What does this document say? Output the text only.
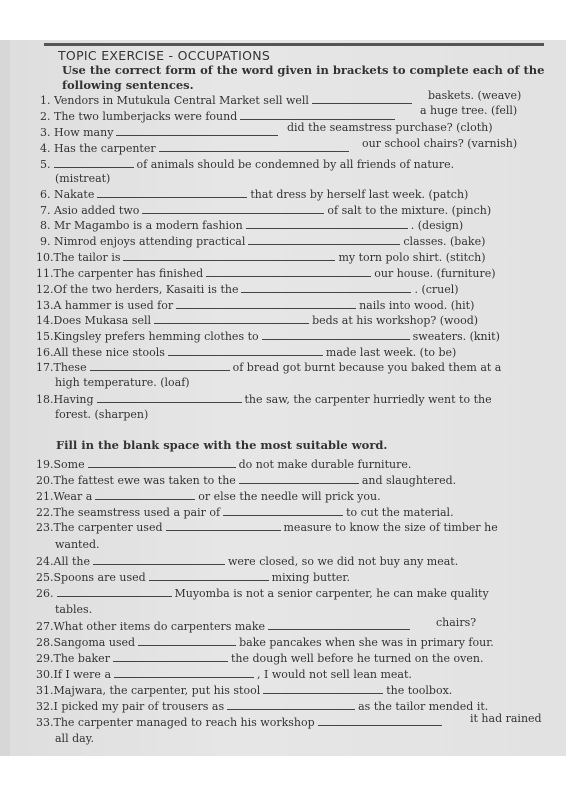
TOPIC EXERCISE - OCCUPATIONS
Use the correct form of the word given in brackets to complete each of the
following sentences.
1. Vendors in Mutukula Central Market sell well	baskets. (weave)
2. The two lumberjacks were found	a huge tree. (fell)
3. How many	did the seamstress purchase? (cloth)
4. Has the carpenter	our school chairs? (varnish)
5.	of animals should be condemned by all friends of nature.
(mistreat)
6. Nakate	that dress by herself last week. (patch)
7. Asio added two	of salt to the mixture. (pinch)
8. Mr Magambo is a modern fashion	. (design)
9. Nimrod enjoys attending practical	classes. (bake)
10.The tailor is	my torn polo shirt. (stitch)
11.The carpenter has finished	our house. (furniture)
12.Of the two herders, Kasaiti is the	. (cruel)
13.A hammer is used for	nails into wood. (hit)
14.Does Mukasa sell	beds at his workshop? (wood)
15.Kingsley prefers hemming clothes to	sweaters. (knit)
16.All these nice stools	made last week. (to be)
17.These	of bread got burnt because you baked them at a
high temperature. (loaf)
18.Having	the saw, the carpenter hurriedly went to the
forest. (sharpen)
Fill in the blank space with the most suitable word.
19.Some	do not make durable furniture.
20.The fattest ewe was taken to the	and slaughtered.
21.Wear a	or else the needle will prick you.
22.The seamstress used a pair of	to cut the material.
23.The carpenter used	measure to know the size of timber he
wanted.
24.All the	were closed, so we did not buy any meat.
25.Spoons are used	mixing butter.
26.	Muyomba is not a senior carpenter, he can make quality
tables.
27.What other items do carpenters make	chairs?
28.Sangoma used	bake pancakes when she was in primary four.
29.The baker	the dough well before he turned on the oven.
30.If I were a	, I would not sell lean meat.
31.Majwara, the carpenter, put his stool	the toolbox.
32.I picked my pair of trousers as	as the tailor mended it.
33.The carpenter managed to reach his workshop	it had rained
all day.
